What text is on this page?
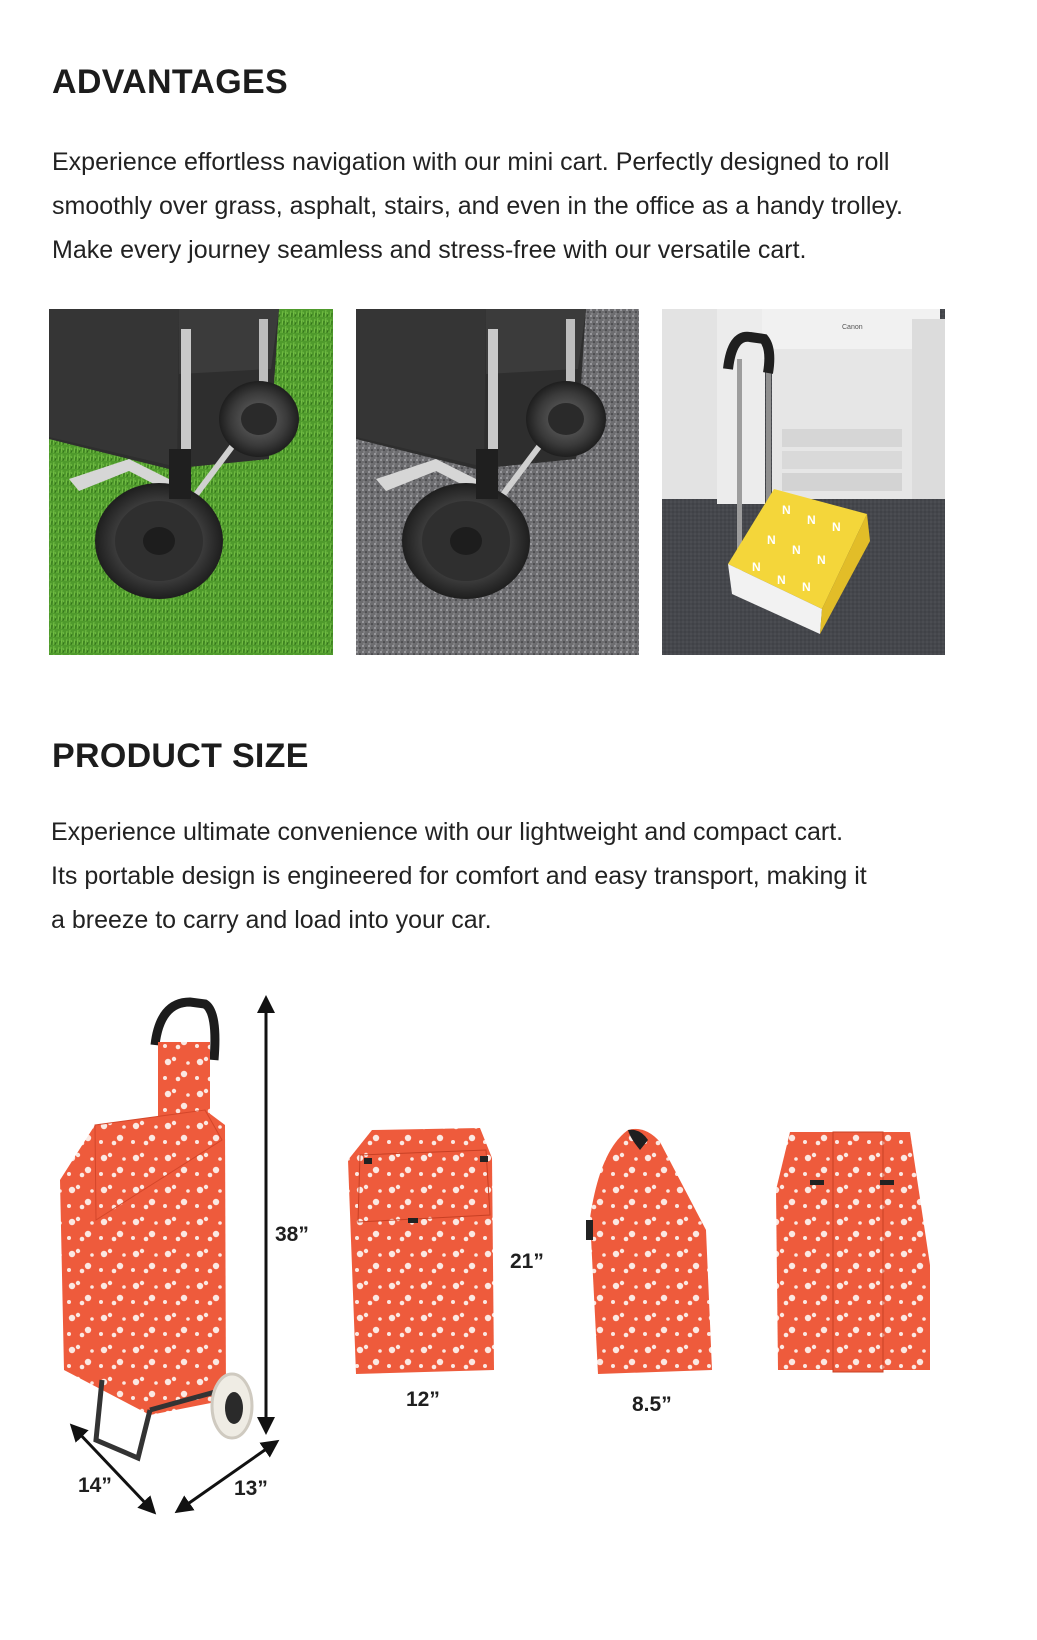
ADVANTAGES

Experience effortless navigation with our mini cart. Perfectly designed to roll
smoothly over grass, asphalt, stairs, and even in the office as a handy trolley.
Make every journey seamless and stress-free with our versatile cart.

Canon
N
N N
N
N
N
N
N N
PRODUCT SIZE

Experience ultimate convenience with our lightweight and compact cart.
Its portable design is engineered for comfort and easy transport, making it
a breeze to carry and load into your car.

38”
21”
12”	8.5”
14”	13”
